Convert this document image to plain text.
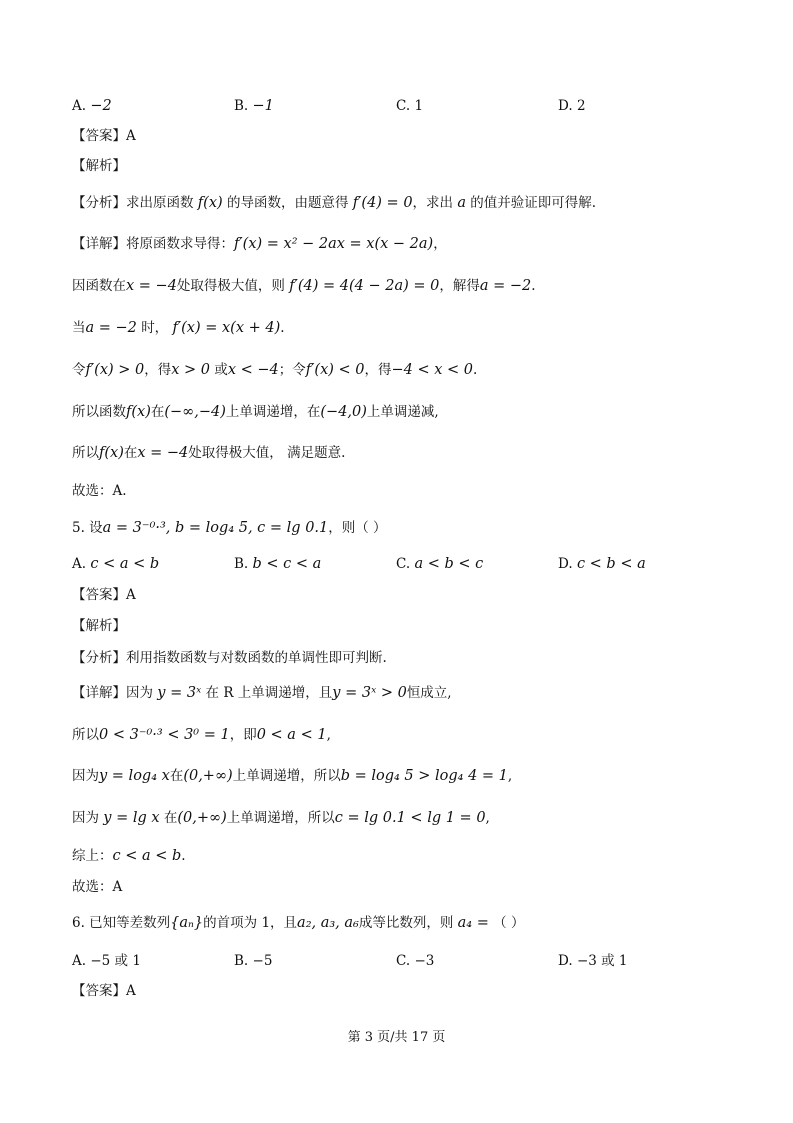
A. −2	B. −1	C. 1	D. 2
【答案】A
【解析】
【分析】求出原函数 f(x) 的导函数，由题意得 f′(4) = 0，求出 a 的值并验证即可得解.
【详解】将原函数求导得：f′(x) = x² − 2ax = x(x − 2a)，
因函数在x = −4处取得极大值，则 f′(4) = 4(4 − 2a) = 0，解得a = −2.
当a = −2 时， f′(x) = x(x + 4).
令f′(x) > 0，得x > 0 或x < −4；令f′(x) < 0，得−4 < x < 0.
所以函数f(x)在(−∞,−4)上单调递增，在(−4,0)上单调递减,
所以f(x)在x = −4处取得极大值， 满足题意.
故选：A.
5. 设a = 3⁻⁰·³, b = log₄ 5, c = lg 0.1，则（ ）
A. c < a < b	B. b < c < a	C. a < b < c	D. c < b < a
【答案】A
【解析】
【分析】利用指数函数与对数函数的单调性即可判断.
【详解】因为 y = 3ˣ 在 R 上单调递增，且y = 3ˣ > 0恒成立,
所以0 < 3⁻⁰·³ < 3⁰ = 1，即0 < a < 1,
因为y = log₄ x在(0,+∞)上单调递增，所以b = log₄ 5 > log₄ 4 = 1,
因为 y = lg x 在(0,+∞)上单调递增，所以c = lg 0.1 < lg 1 = 0,
综上：c < a < b.
故选：A
6. 已知等差数列{aₙ}的首项为 1，且a₂, a₃, a₆成等比数列，则 a₄ = （ ）
A. −5 或 1	B. −5	C. −3	D. −3 或 1
【答案】A
第 3 页/共 17 页
